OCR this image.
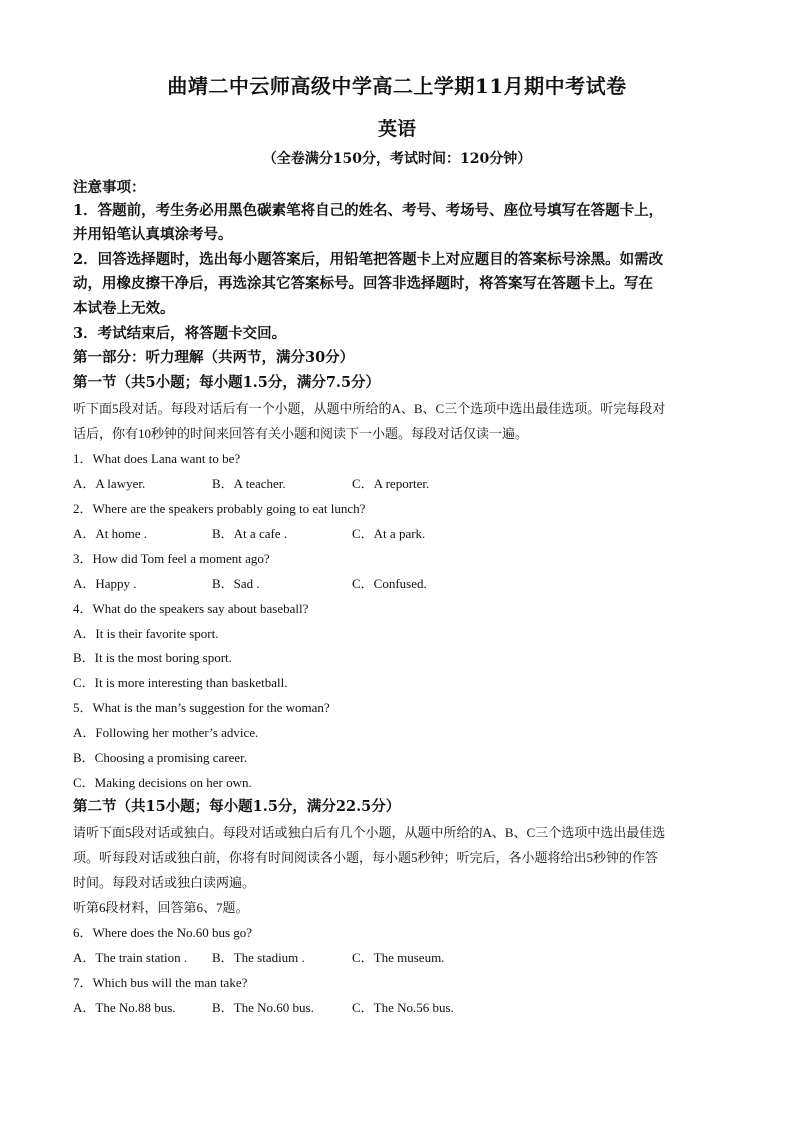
曲靖二中云师高级中学高二上学期11月期中考试卷
英语
（全卷满分150分，考试时间：120分钟）
注意事项：
1．答题前，考生务必用黑色碳素笔将自己的姓名、考号、考场号、座位号填写在答题卡上，
并用铅笔认真填涂考号。
2．回答选择题时，选出每小题答案后，用铅笔把答题卡上对应题目的答案标号涂黑。如需改
动，用橡皮擦干净后，再选涂其它答案标号。回答非选择题时，将答案写在答题卡上。写在
本试卷上无效。
3．考试结束后，将答题卡交回。
第一部分：听力理解（共两节，满分30分）
第一节（共5小题；每小题1.5分，满分7.5分）
听下面5段对话。每段对话后有一个小题，从题中所给的A、B、C三个选项中选出最佳选项。听完每段对
话后，你有10秒钟的时间来回答有关小题和阅读下一小题。每段对话仅读一遍。
1．What does Lana want to be?
A．A lawyer.	B．A teacher.	C．A reporter.
2．Where are the speakers probably going to eat lunch?
A．At home .	B．At a cafe .	C．At a park.
3．How did Tom feel a moment ago?
A．Happy .	B．Sad .	C．Confused.
4．What do the speakers say about baseball?
A．It is their favorite sport.
B．It is the most boring sport.
C．It is more interesting than basketball.
5．What is the man’s suggestion for the woman?
A．Following her mother’s advice.
B．Choosing a promising career.
C．Making decisions on her own.
第二节（共15小题；每小题1.5分，满分22.5分）
请听下面5段对话或独白。每段对话或独白后有几个小题，从题中所给的A、B、C三个选项中选出最佳选
项。听每段对话或独白前，你将有时间阅读各小题，每小题5秒钟；听完后，各小题将给出5秒钟的作答
时间。每段对话或独白读两遍。
听第6段材料，回答第6、7题。
6．Where does the No.60 bus go?
A．The train station . B．The stadium .	C．The museum.
7．Which bus will the man take?
A．The No.88 bus.	B．The No.60 bus.	C．The No.56 bus.
